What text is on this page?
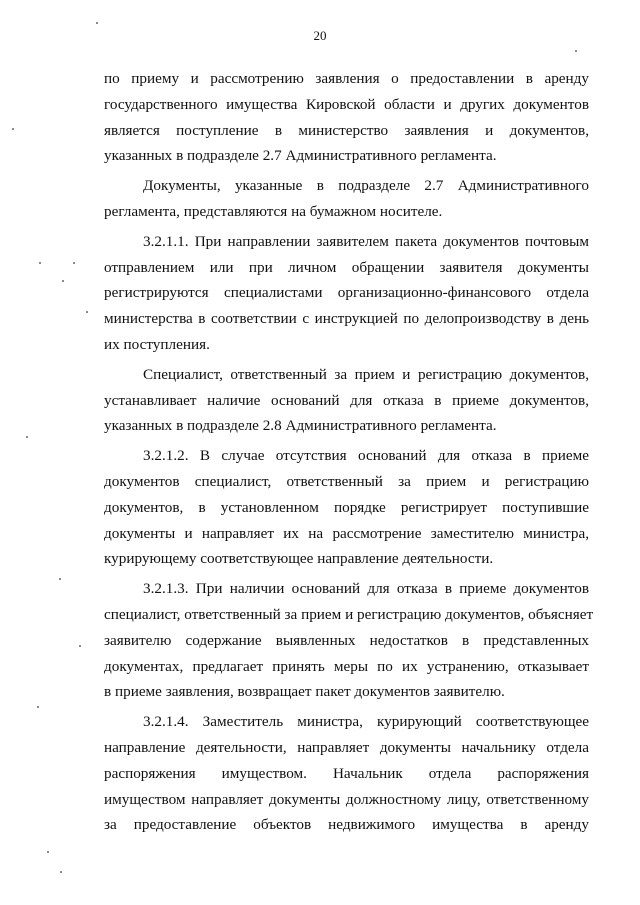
20

по приему и рассмотрению заявления о предоставлении в аренду
государственного имущества Кировской области и других документов
является поступление в министерство заявления и документов,
указанных в подразделе 2.7 Административного регламента.

Документы, указанные в подразделе 2.7 Административного
регламента, представляются на бумажном носителе.

3.2.1.1. При направлении заявителем пакета документов почтовым
отправлением или при личном обращении заявителя документы
регистрируются специалистами организационно-финансового отдела
министерства в соответствии с инструкцией по делопроизводству в день
их поступления.

Специалист, ответственный за прием и регистрацию документов,
устанавливает наличие оснований для отказа в приеме документов,
указанных в подразделе 2.8 Административного регламента.

3.2.1.2. В случае отсутствия оснований для отказа в приеме
документов специалист, ответственный за прием и регистрацию
документов, в установленном порядке регистрирует поступившие
документы и направляет их на рассмотрение заместителю министра,
курирующему соответствующее направление деятельности.

3.2.1.3. При наличии оснований для отказа в приеме документов
специалист, ответственный за прием и регистрацию документов, объясняет
заявителю содержание выявленных недостатков в представленных
документах, предлагает принять меры по их устранению, отказывает
в приеме заявления, возвращает пакет документов заявителю.

3.2.1.4. Заместитель министра, курирующий соответствующее
направление деятельности, направляет документы начальнику отдела
распоряжения имуществом. Начальник отдела распоряжения
имуществом направляет документы должностному лицу, ответственному
за предоставление объектов недвижимого имущества в аренду
